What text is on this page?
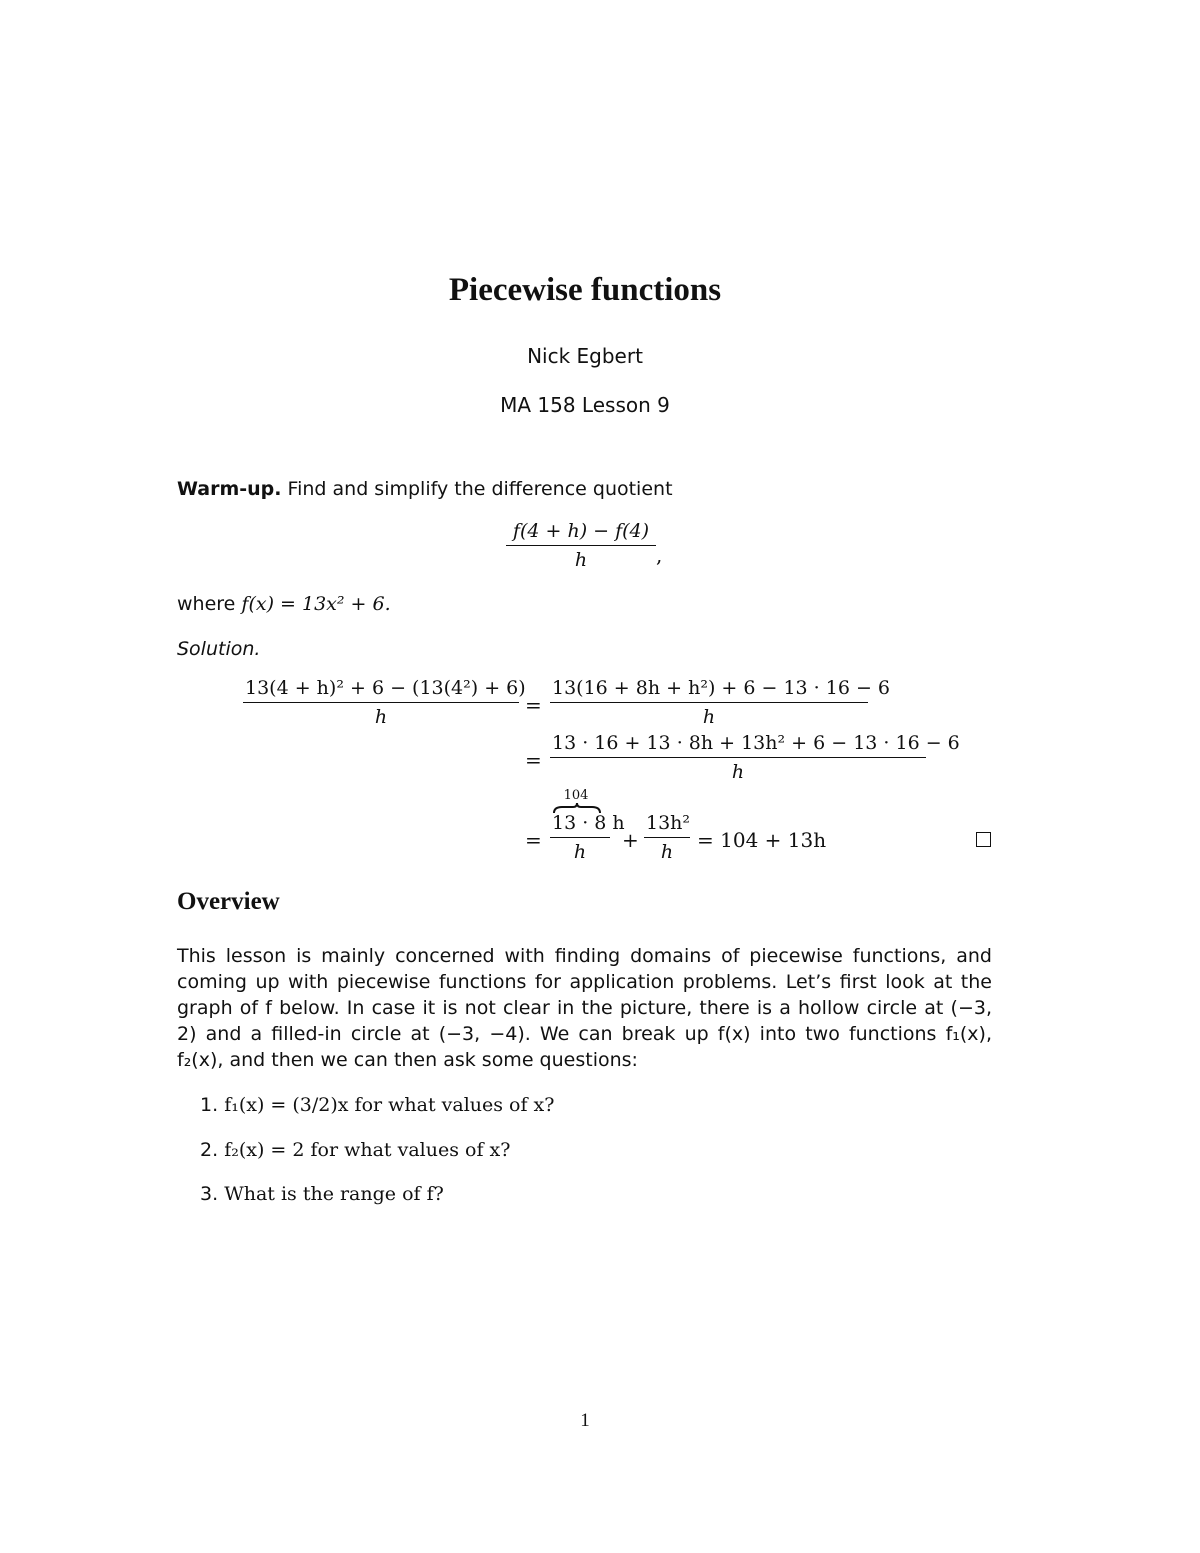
Piecewise functions
Nick Egbert
MA 158 Lesson 9
Warm-up. Find and simplify the difference quotient
f(4 + h) − f(4)
h	,
where f(x) = 13x² + 6.
Solution.
13(4 + h)² + 6 − (13(4²) + 6)
h	=
13(16 + 8h + h²) + 6 − 13 · 16 − 6
h
=
13 · 16 + 13 · 8h + 13h² + 6 − 13 · 16 − 6
h
104
=
13 · 8 h
h	+
13h²
h	= 104 + 13h
Overview
This lesson is mainly concerned with finding domains of piecewise functions, and coming up with piecewise functions for application problems. Let’s first look at the graph of f below. In case it is not clear in the picture, there is a hollow circle at (−3, 2) and a filled-in circle at (−3, −4). We can break up f(x) into two functions f₁(x), f₂(x), and then we can then ask some questions:
1. f₁(x) = (3/2)x for what values of x?
2. f₂(x) = 2 for what values of x?
3. What is the range of f?
1
